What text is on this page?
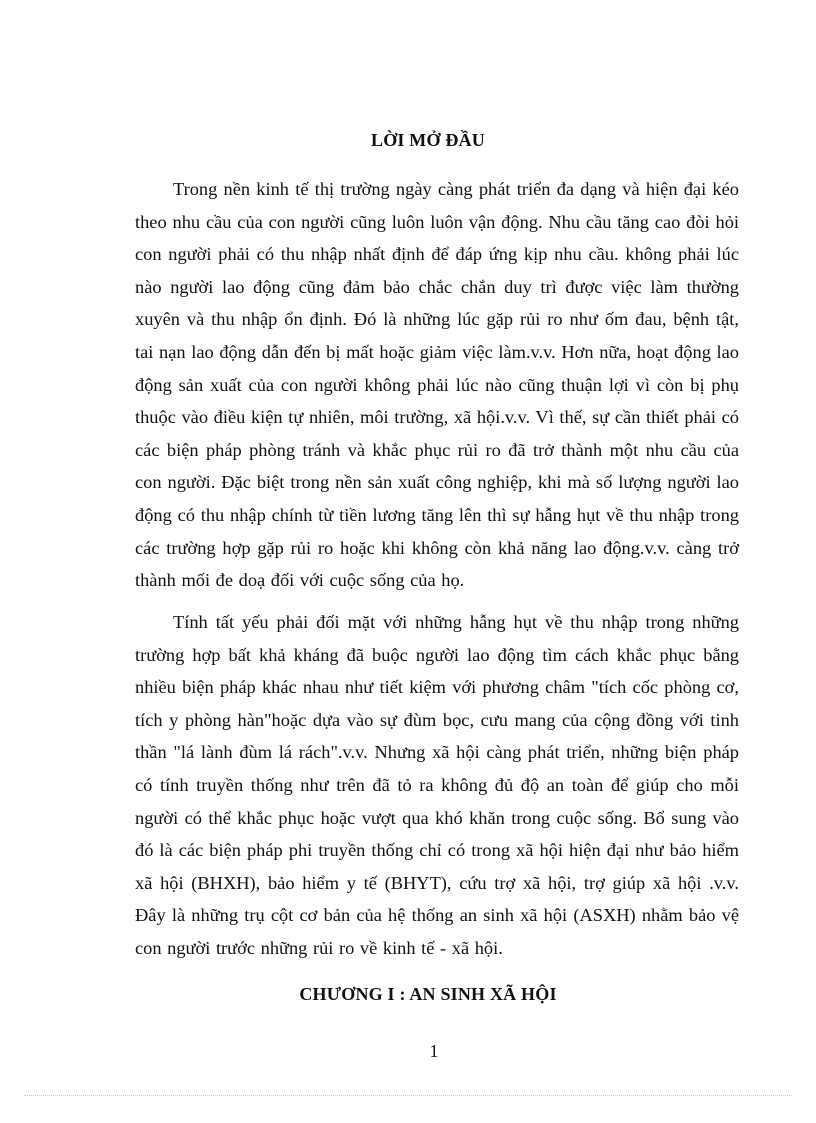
LỜI MỞ ĐẦU

Trong nền kinh tế thị trường ngày càng phát triển đa dạng và hiện đại kéo theo nhu cầu của con người cũng luôn luôn vận động. Nhu cầu tăng cao đòi hỏi con người phải có thu nhập nhất định để đáp ứng kịp nhu cầu. không phải lúc nào người lao động cũng đảm bảo chắc chắn duy trì được việc làm thường xuyên và thu nhập ổn định. Đó là những lúc gặp rủi ro như ốm đau, bệnh tật, tai nạn lao động dẫn đến bị mất hoặc giảm việc làm.v.v. Hơn nữa, hoạt động lao động sản xuất của con người không phải lúc nào cũng thuận lợi vì còn bị phụ thuộc vào điều kiện tự nhiên, môi trường, xã hội.v.v. Vì thế, sự cần thiết phải có các biện pháp phòng tránh và khắc phục rủi ro đã trở thành một nhu cầu của con người. Đặc biệt trong nền sản xuất công nghiệp, khi mà số lượng người lao động có thu nhập chính từ tiền lương tăng lên thì sự hẫng hụt về thu nhập trong các trường hợp gặp rủi ro hoặc khi không còn khả năng lao động.v.v. càng trở thành mối đe doạ đối với cuộc sống của họ.

Tính tất yếu phải đối mặt với những hẫng hụt về thu nhập trong những trường hợp bất khả kháng đã buộc người lao động tìm cách khắc phục bằng nhiều biện pháp khác nhau như tiết kiệm với phương châm "tích cốc phòng cơ, tích y phòng hàn"hoặc dựa vào sự đùm bọc, cưu mang của cộng đồng với tinh thần "lá lành đùm lá rách".v.v. Nhưng xã hội càng phát triển, những biện pháp có tính truyền thống như trên đã tỏ ra không đủ độ an toàn để giúp cho mỗi người có thể khắc phục hoặc vượt qua khó khăn trong cuộc sống. Bổ sung vào đó là các biện pháp phi truyền thống chỉ có trong xã hội hiện đại như bảo hiểm xã hội (BHXH), bảo hiểm y tế (BHYT), cứu trợ xã hội, trợ giúp xã hội .v.v. Đây là những trụ cột cơ bản của hệ thống an sinh xã hội (ASXH) nhằm bảo vệ con người trước những rủi ro về kinh tế - xã hội.

CHƯƠNG I : AN SINH XÃ HỘI
1
